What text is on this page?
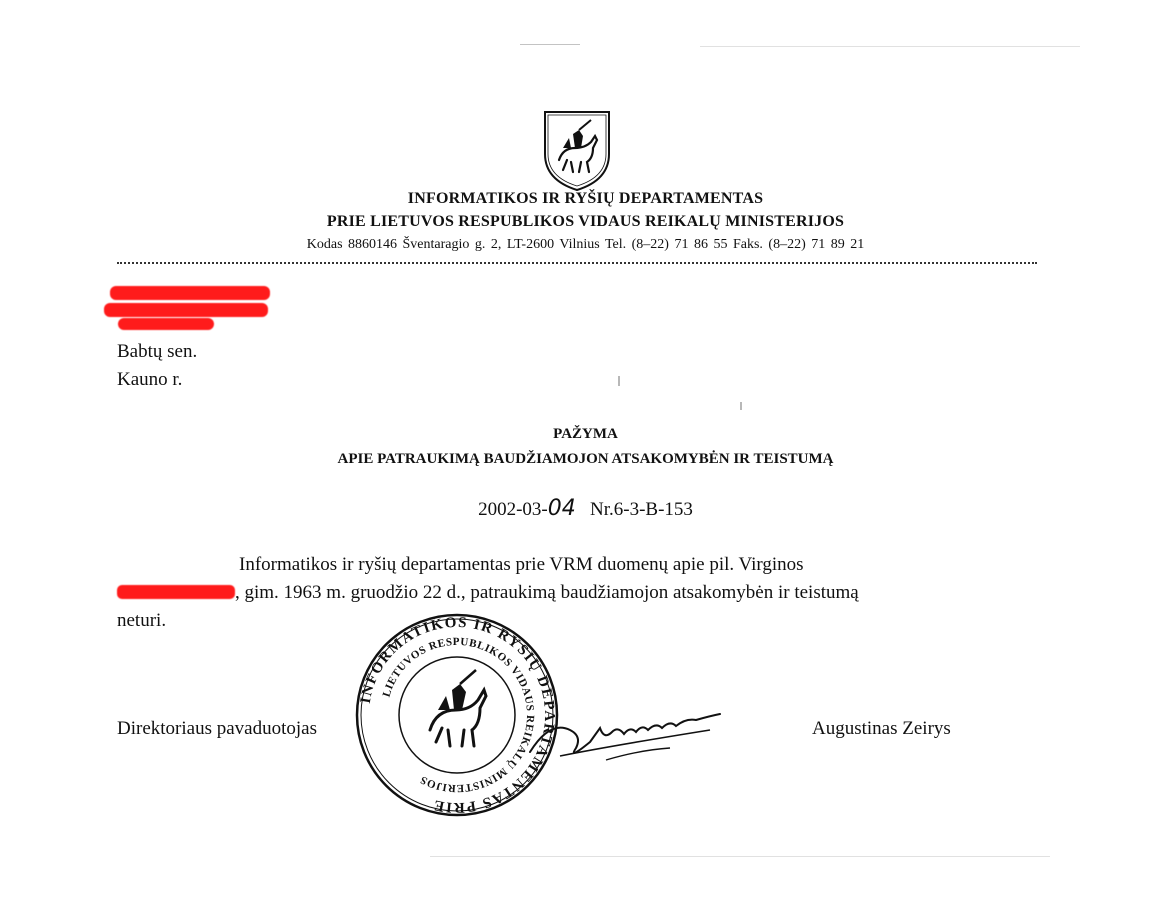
INFORMATIKOS IR RYŠIŲ DEPARTAMENTAS
PRIE LIETUVOS RESPUBLIKOS VIDAUS REIKALŲ MINISTERIJOS
Kodas 8860146 Šventaragio g. 2, LT-2600 Vilnius Tel. (8–22) 71 86 55 Faks. (8–22) 71 89 21
Babtų sen.
Kauno r.
PAŽYMA
APIE PATRAUKIMĄ BAUDŽIAMOJON ATSAKOMYBĖN IR TEISTUMĄ
2002-03-04 Nr.6-3-B-153
Informatikos ir ryšių departamentas prie VRM duomenų apie pil. Virginos
, gim. 1963 m. gruodžio 22 d., patraukimą baudžiamojon atsakomybėn ir teistumą
neturi.
Direktoriaus pavaduotojas	Augustinas Zeirys
INFORMATIKOS IR RYŠIŲ DEPARTAMENTAS PRIE
LIETUVOS RESPUBLIKOS VIDAUS REIKALŲ MINISTERIJOS
